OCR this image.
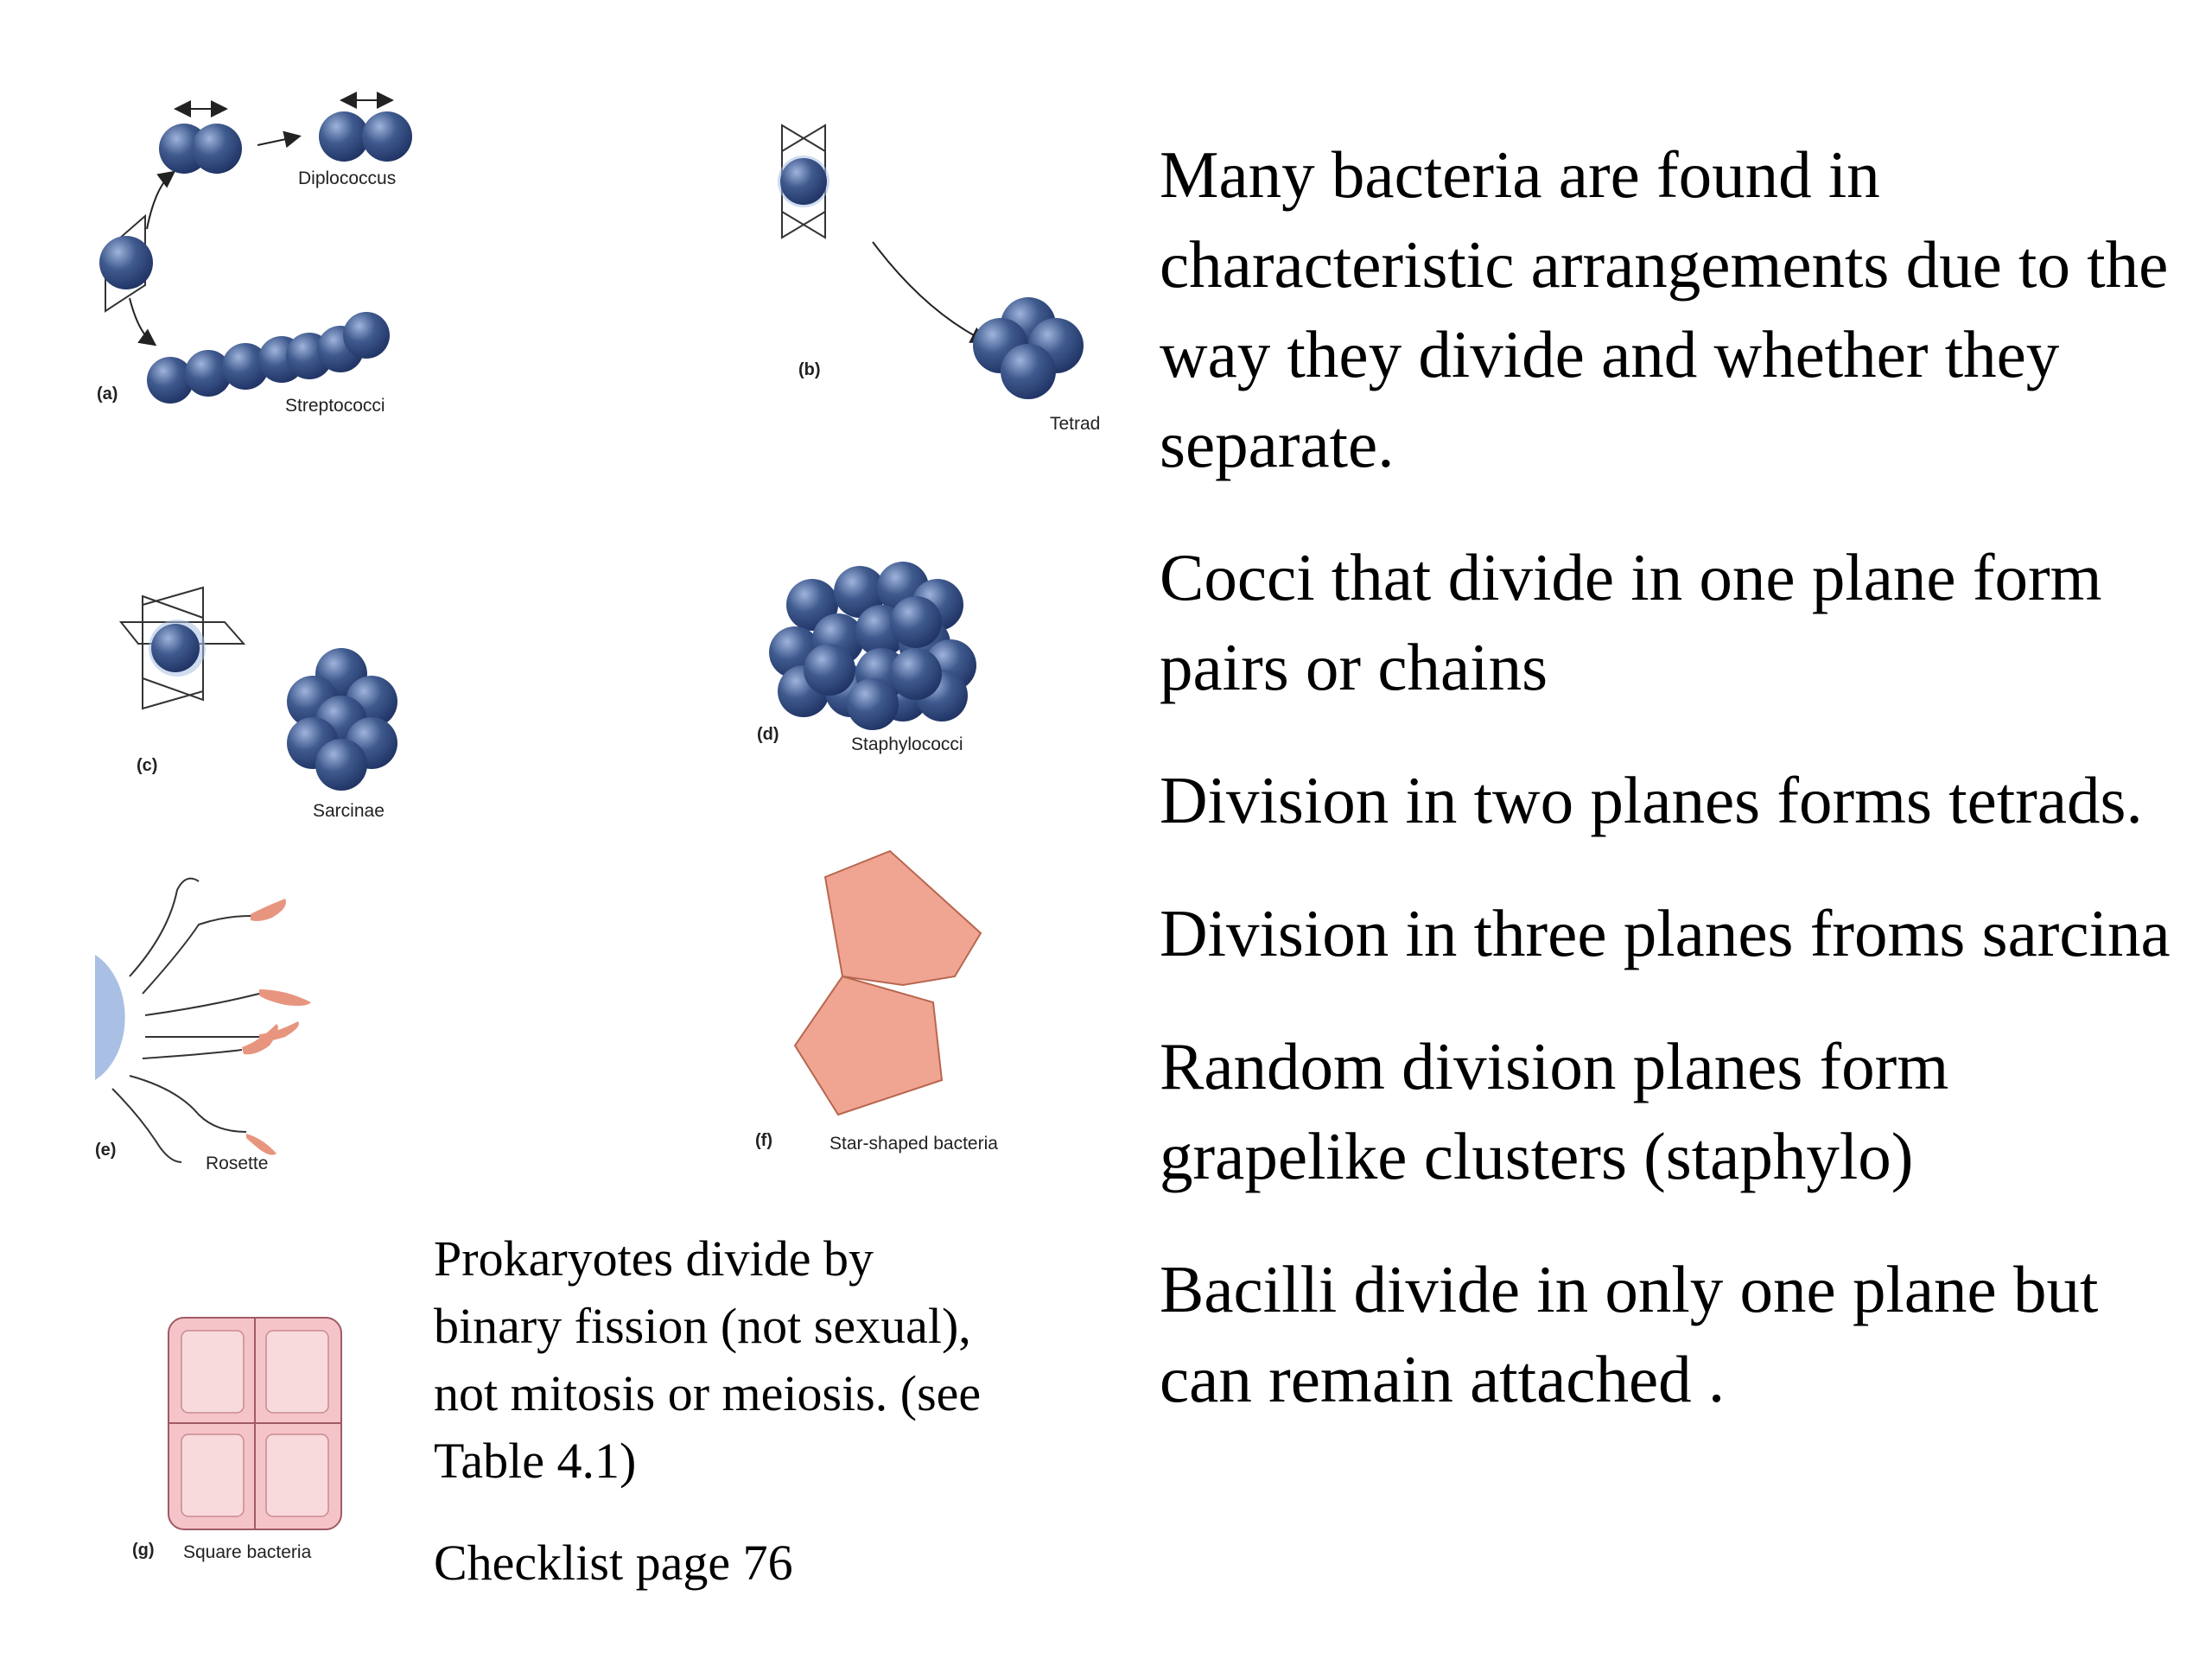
Diplococcus
Streptococci
(a)
Tetrad
(b)
Sarcinae
(c)
Staphylococci
(d)
Rosette
(e)	Star-shaped bacteria
(f)
Square bacteria
(g)

Many bacteria are found in characteristic arrangements due to the way they divide and whether they separate.

Cocci that divide in one plane form pairs or chains

Division in two planes forms tetrads.

Division in three planes froms sarcina

Random division planes form grapelike clusters (staphylo)

Bacilli divide in only one plane but can remain attached .

Prokaryotes divide by binary fission (not sexual), not mitosis or meiosis. (see Table 4.1)

Checklist page 76
